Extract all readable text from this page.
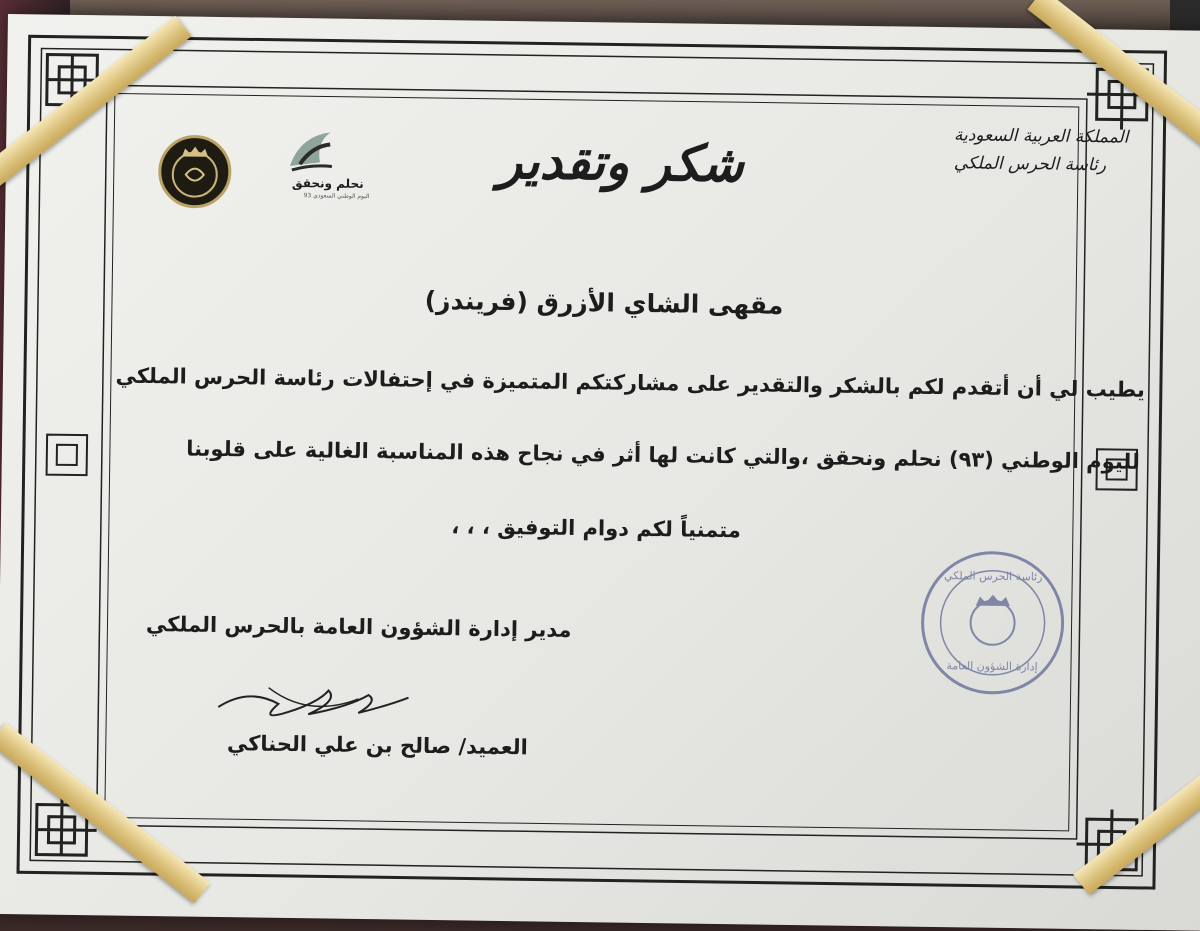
نحلم ونحقق
اليوم الوطني السعودي 93
شكر وتقدير	المملكة العربية السعودية
رئاسة الحرس الملكي
مقهى الشاي الأزرق (فريندز)
يطيب لي أن أتقدم لكم بالشكر والتقدير على مشاركتكم المتميزة في إحتفالات رئاسة الحرس الملكي
لليوم الوطني (٩٣) نحلم ونحقق ،والتي كانت لها أثر في نجاح هذه المناسبة الغالية على قلوبنا
متمنياً لكم دوام التوفيق ، ، ،
رئاسة الحرس الملكي
إدارة الشؤون العامة
مدير إدارة الشؤون العامة بالحرس الملكي
العميد/ صالح بن علي الحناكي
